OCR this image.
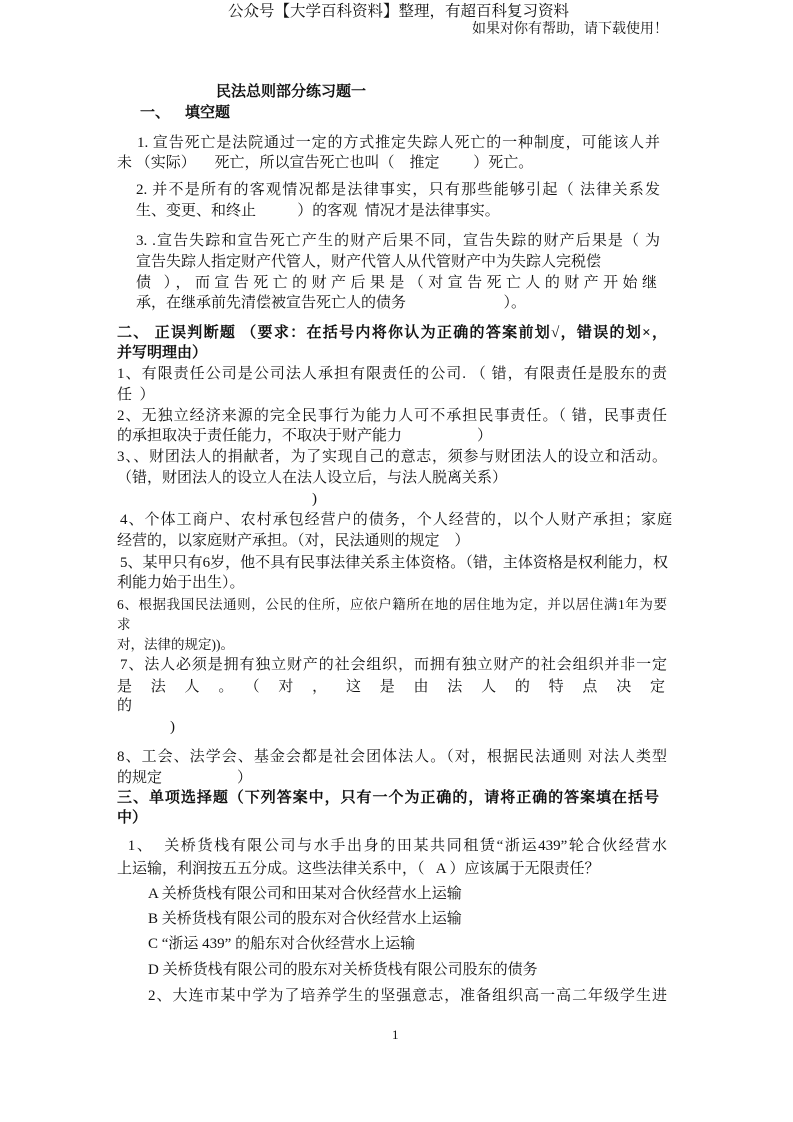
公众号【大学百科资料】整理，有超百科复习资料
如果对你有帮助，请下载使用！
民法总则部分练习题一
一、    填空题
1. 宣告死亡是法院通过一定的方式推定失踪人死亡的一种制度，可能该人并
未 （实际）     死亡，所以宣告死亡也叫（    推定         ）死亡。
2. 并不是所有的客观情况都是法律事实，只有那些能够引起（ 法律关系发
生、变更、和终止           ）的客观  情况才是法律事实。
3. .宣告失踪和宣告死亡产生的财产后果不同，宣告失踪的财产后果是（ 为
宣告失踪人指定财产代管人，财产代管人从代管财产中为失踪人完税偿
债 ），而宣告死亡的财产后果是（对宣告死亡人的财产开始继
承，在继承前先清偿被宣告死亡人的债务                          ）。
二、 正误判断题 （要求：在括号内将你认为正确的答案前划√，错误的划×，
并写明理由）
1、有限责任公司是公司法人承担有限责任的公司. （ 错，有限责任是股东的责
任  ）
2、无独立经济来源的完全民事行为能力人可不承担民事责任。（ 错，民事责任
的承担取决于责任能力，不取决于财产能力                    ）
3、、财团法人的捐献者，为了实现自己的意志，须参与财团法人的设立和活动。
（错，财团法人的设立人在法人设立后，与法人脱离关系）
)
4、个体工商户、农村承包经营户的债务，个人经营的，以个人财产承担；家庭
经营的，以家庭财产承担。（对，民法通则的规定    ）
5、某甲只有6岁，他不具有民事法律关系主体资格。（错，主体资格是权利能力，权
利能力始于出生）。
6、根据我国民法通则，公民的住所，应依户籍所在地的居住地为定，并以居住满1年为要
求
对，法律的规定))。
7、法人必须是拥有独立财产的社会组织，而拥有独立财产的社会组织并非一定
是法人。（对，这是由法人的特点决定
的
)
8、工会、法学会、基金会都是社会团体法人。（对，根据民法通则 对法人类型
的规定                    ）
三、单项选择题（下列答案中，只有一个为正确的，请将正确的答案填在括号
中）
1、  关桥货栈有限公司与水手出身的田某共同租赁“浙运439”轮合伙经营水
上运输，利润按五五分成。这些法律关系中，（   A ）应该属于无限责任？
A 关桥货栈有限公司和田某对合伙经营水上运输
B 关桥货栈有限公司的股东对合伙经营水上运输
C “浙运 439” 的船东对合伙经营水上运输
D 关桥货栈有限公司的股东对关桥货栈有限公司股东的债务
2、大连市某中学为了培养学生的坚强意志，准备组织高一高二年级学生进
1
